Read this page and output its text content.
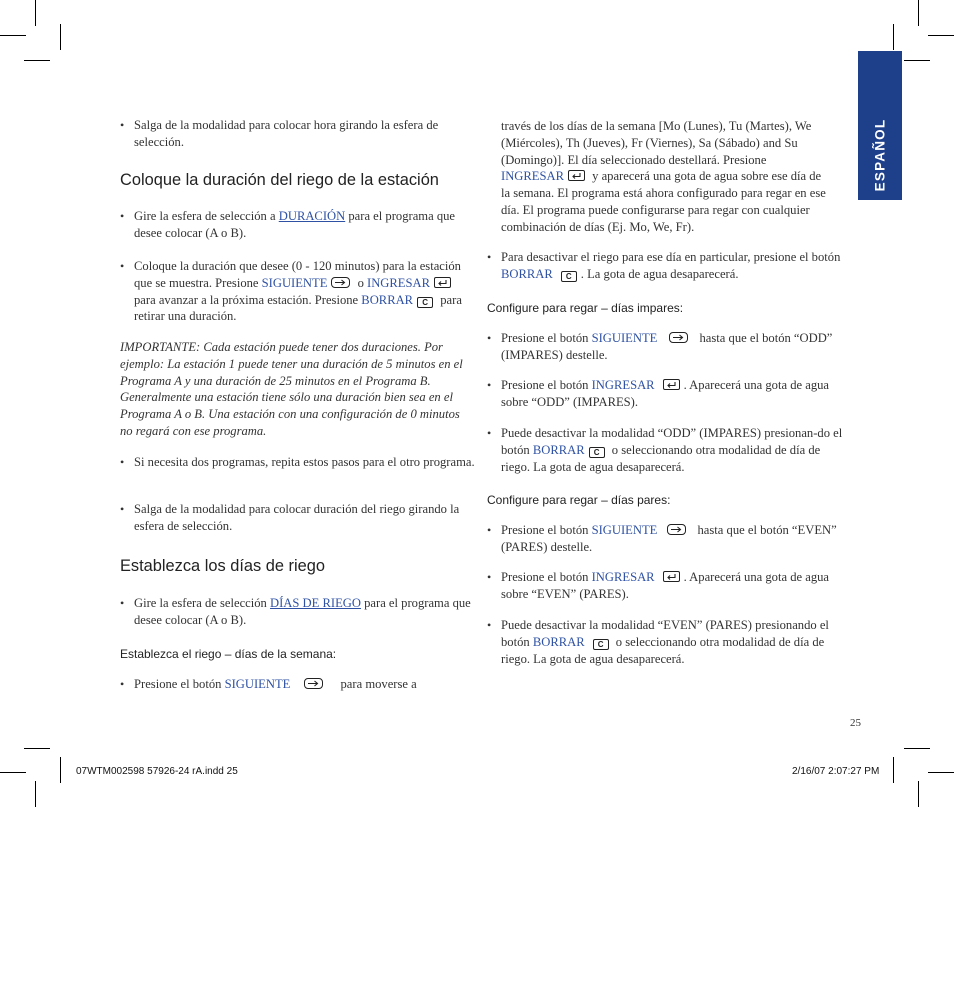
ESPAÑOL
• Salga de la modalidad para colocar hora girando la esfera de selección.
Coloque la duración del riego de la estación
• Gire la esfera de selección a DURACIÓN para el programa que desee colocar (A o B).
• Coloque la duración que desee (0 - 120 minutos) para la estación que se muestra. Presione SIGUIENTE
o INGRESAR
para avanzar a la próxima estación. Presione BORRAR C para retirar una duración.
IMPORTANTE: Cada estación puede tener dos duraciones. Por ejemplo: La estación 1 puede tener una duración de 5 minutos en el Programa A y una duración de 25 minutos en el Programa B. Generalmente una estación tiene sólo una duración bien sea en el Programa A o B. Una estación con una configuración de 0 minutos no regará con ese programa.
• Si necesita dos programas, repita estos pasos para el otro programa.
• Salga de la modalidad para colocar duración del riego girando la esfera de selección.
Establezca los días de riego
• Gire la esfera de selección DÍAS DE RIEGO para el programa que desee colocar (A o B).
Establezca el riego – días de la semana:
• Presione el botón SIGUIENTE	para moverse a
través de los días de la semana [Mo (Lunes), Tu (Martes), We (Miércoles), Th (Jueves), Fr (Viernes), Sa (Sábado) and Su (Domingo)]. El día seleccionado destellará. Presione INGRESAR
y aparecerá una gota de agua sobre ese día de la semana. El programa está ahora configurado para regar en ese día. El programa puede configurarse para regar con cualquier combinación de días (Ej. Mo, We, Fr).
• Para desactivar el riego para ese día en particular, presione el botón BORRAR C . La gota de agua desaparecerá.
Configure para regar – días impares:
• Presione el botón SIGUIENTE	hasta que el botón “ODD” (IMPARES) destelle.
• Presione el botón INGRESAR . Aparecerá una gota de agua sobre “ODD” (IMPARES).
• Puede desactivar la modalidad “ODD” (IMPARES) presionan-do el botón BORRAR C o seleccionando otra modalidad de día de riego. La gota de agua desaparecerá.
Configure para regar – días pares:
• Presione el botón SIGUIENTE	hasta que el botón “EVEN” (PARES) destelle.
• Presione el botón INGRESAR . Aparecerá una gota de agua sobre “EVEN” (PARES).
• Puede desactivar la modalidad “EVEN” (PARES) presionando el botón BORRAR C o seleccionando otra modalidad de día de riego. La gota de agua desaparecerá.
25
07WTM002598 57926-24 rA.indd 25	2/16/07 2:07:27 PM
